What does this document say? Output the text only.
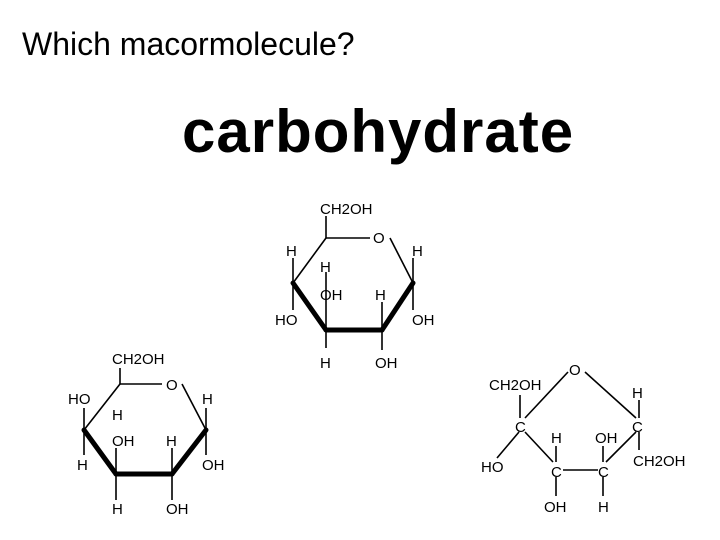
Which macormolecule?
carbohydrate
CH2OH
O
H	H
H
OH H
HO	OH
H	OH
CH2OH
O
HO	H
H
OH H
H	OH
H	OH
O
CH2OH	H
C	C
H OH
CH2OH
HO	C C
OH H
